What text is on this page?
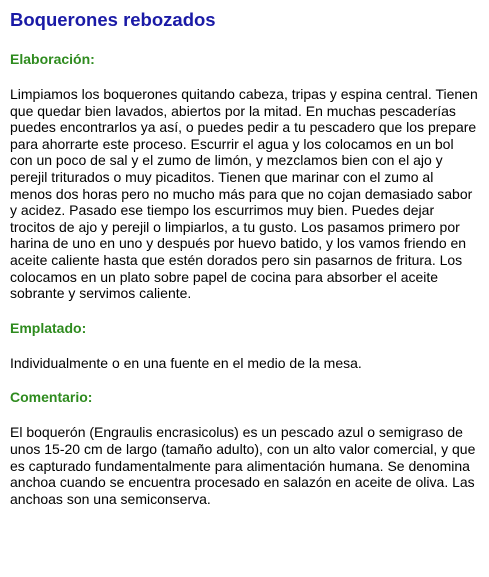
Boquerones rebozados
Elaboración:

Limpiamos los boquerones quitando cabeza, tripas y espina central. Tienen que quedar bien lavados, abiertos por la mitad. En muchas pescaderías puedes encontrarlos ya así, o puedes pedir a tu pescadero que los prepare para ahorrarte este proceso. Escurrir el agua y los colocamos en un bol con un poco de sal y el zumo de limón, y mezclamos bien con el ajo y perejil triturados o muy picaditos. Tienen que marinar con el zumo al menos dos horas pero no mucho más para que no cojan demasiado sabor y acidez. Pasado ese tiempo los escurrimos muy bien. Puedes dejar trocitos de ajo y perejil o limpiarlos, a tu gusto. Los pasamos primero por harina de uno en uno y después por huevo batido, y los vamos friendo en aceite caliente hasta que estén dorados pero sin pasarnos de fritura. Los colocamos en un plato sobre papel de cocina para absorber el aceite sobrante y servimos caliente.

Emplatado:

Individualmente o en una fuente en el medio de la mesa.

Comentario:

El boquerón (Engraulis encrasicolus) es un pescado azul o semigraso de unos 15-20 cm de largo (tamaño adulto), con un alto valor comercial, y que es capturado fundamentalmente para alimentación humana. Se denomina anchoa cuando se encuentra procesado en salazón en aceite de oliva. Las anchoas son una semiconserva.
